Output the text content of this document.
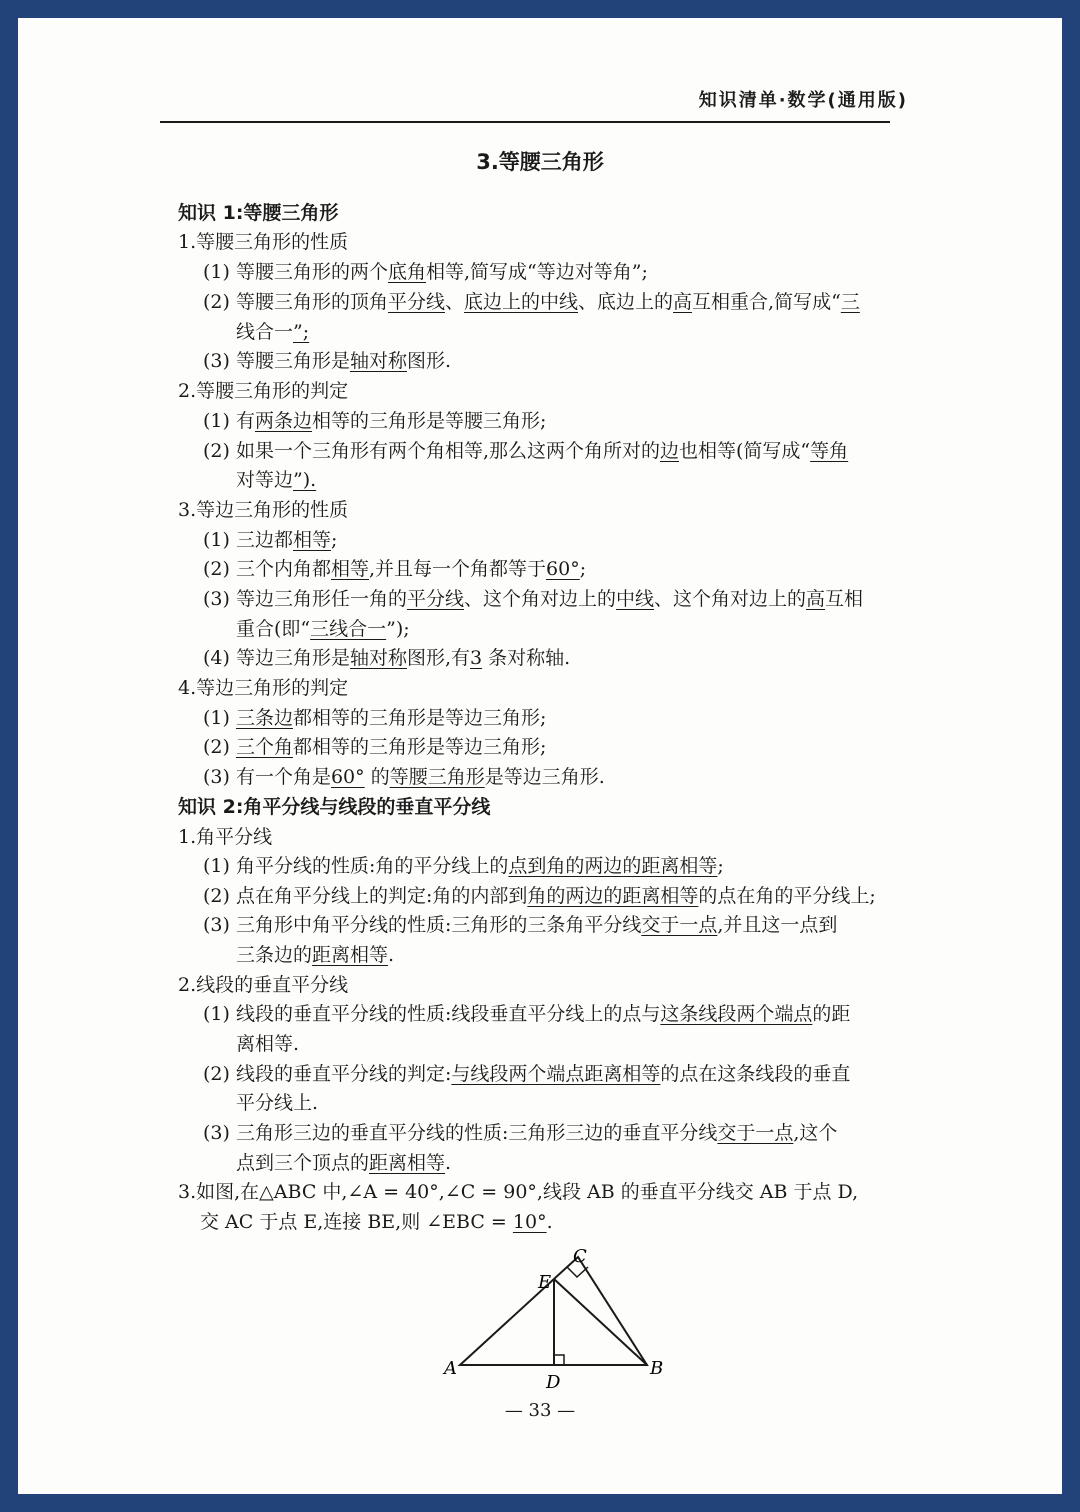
知识清单·数学(通用版)
3.等腰三角形
知识 1:等腰三角形
1.等腰三角形的性质
(1) 等腰三角形的两个底角相等,简写成“等边对等角”;
(2) 等腰三角形的顶角平分线、底边上的中线、底边上的高互相重合,简写成“三
线合一”;
(3) 等腰三角形是轴对称图形.
2.等腰三角形的判定
(1) 有两条边相等的三角形是等腰三角形;
(2) 如果一个三角形有两个角相等,那么这两个角所对的边也相等(简写成“等角
对等边”).
3.等边三角形的性质
(1) 三边都相等;
(2) 三个内角都相等,并且每一个角都等于60°;
(3) 等边三角形任一角的平分线、这个角对边上的中线、这个角对边上的高互相
重合(即“三线合一”);
(4) 等边三角形是轴对称图形,有3 条对称轴.
4.等边三角形的判定
(1) 三条边都相等的三角形是等边三角形;
(2) 三个角都相等的三角形是等边三角形;
(3) 有一个角是60° 的等腰三角形是等边三角形.
知识 2:角平分线与线段的垂直平分线
1.角平分线
(1) 角平分线的性质:角的平分线上的点到角的两边的距离相等;
(2) 点在角平分线上的判定:角的内部到角的两边的距离相等的点在角的平分线上;
(3) 三角形中角平分线的性质:三角形的三条角平分线交于一点,并且这一点到
三条边的距离相等.
2.线段的垂直平分线
(1) 线段的垂直平分线的性质:线段垂直平分线上的点与这条线段两个端点的距
离相等.
(2) 线段的垂直平分线的判定:与线段两个端点距离相等的点在这条线段的垂直
平分线上.
(3) 三角形三边的垂直平分线的性质:三角形三边的垂直平分线交于一点,这个
点到三个顶点的距离相等.
3.如图,在△ABC 中,∠A = 40°,∠C = 90°,线段 AB 的垂直平分线交 AB 于点 D,
交 AC 于点 E,连接 BE,则 ∠EBC = 10°.
A	B
C
D
E
— 33 —
